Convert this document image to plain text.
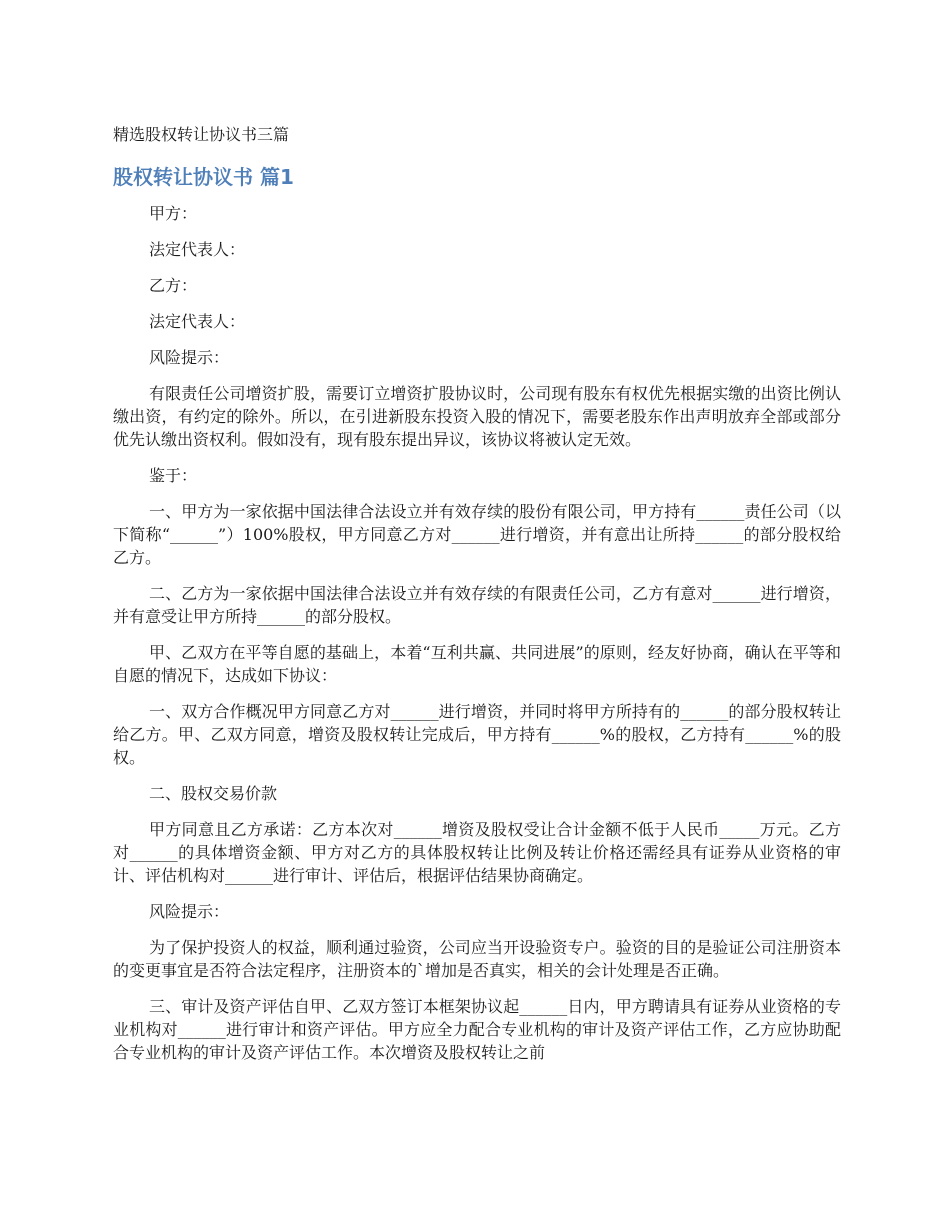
精选股权转让协议书三篇
股权转让协议书 篇1

甲方：

法定代表人：

乙方：

法定代表人：

风险提示：

有限责任公司增资扩股，需要订立增资扩股协议时，公司现有股东有权优先根据实缴的出资比例认缴出资，有约定的除外。所以，在引进新股东投资入股的情况下，需要老股东作出声明放弃全部或部分优先认缴出资权利。假如没有，现有股东提出异议，该协议将被认定无效。

鉴于：

一、甲方为一家依据中国法律合法设立并有效存续的股份有限公司，甲方持有______责任公司（以下简称“______”）100%股权，甲方同意乙方对______进行增资，并有意出让所持______的部分股权给乙方。

二、乙方为一家依据中国法律合法设立并有效存续的有限责任公司，乙方有意对______进行增资，并有意受让甲方所持______的部分股权。

甲、乙双方在平等自愿的基础上，本着“互利共赢、共同进展”的原则，经友好协商，确认在平等和自愿的情况下，达成如下协议：

一、双方合作概况甲方同意乙方对______进行增资，并同时将甲方所持有的______的部分股权转让给乙方。甲、乙双方同意，增资及股权转让完成后，甲方持有______%的股权，乙方持有______%的股权。

二、股权交易价款

甲方同意且乙方承诺：乙方本次对______增资及股权受让合计金额不低于人民币_____万元。乙方对______的具体增资金额、甲方对乙方的具体股权转让比例及转让价格还需经具有证券从业资格的审计、评估机构对______进行审计、评估后，根据评估结果协商确定。

风险提示：

为了保护投资人的权益，顺利通过验资，公司应当开设验资专户。验资的目的是验证公司注册资本的变更事宜是否符合法定程序，注册资本的`增加是否真实，相关的会计处理是否正确。

三、审计及资产评估自甲、乙双方签订本框架协议起______日内，甲方聘请具有证券从业资格的专业机构对______进行审计和资产评估。甲方应全力配合专业机构的审计及资产评估工作，乙方应协助配合专业机构的审计及资产评估工作。本次增资及股权转让之前
